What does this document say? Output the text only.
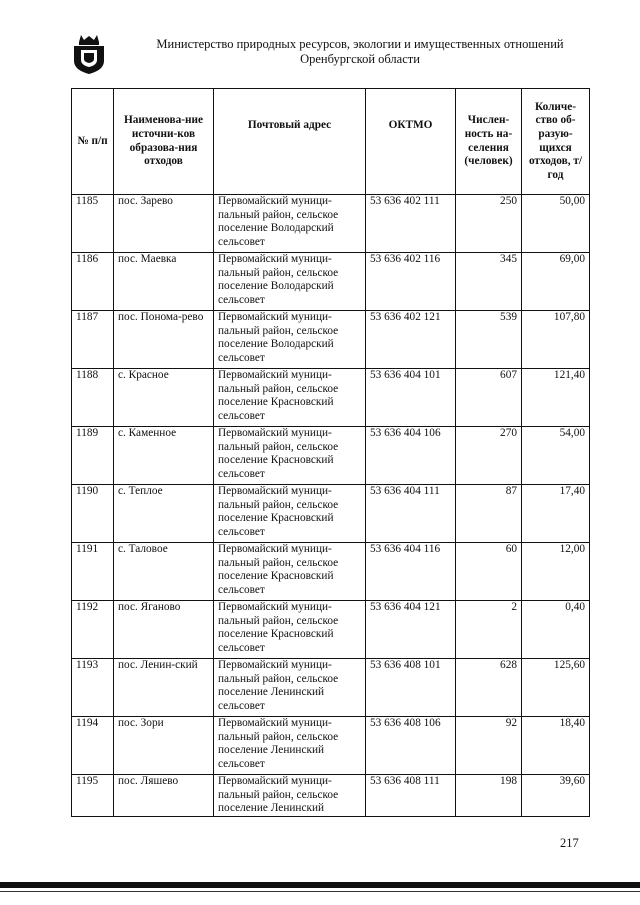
Министерство природных ресурсов, экологии и имущественных отношений
Оренбургской области
№ п/п	Наименова-ние источни-ков образова-ния отходов	Почтовый адрес	ОКТМО	Числен-ность на-селения (человек)	Количе-ство об-разую-щихся отходов, т/год
1185	пос. Зарево	Первомайский муници-
пальный район, сельское
поселение Володарский
сельсовет	53 636 402 111	250	50,00
1186	пос. Маевка	Первомайский муници-
пальный район, сельское
поселение Володарский
сельсовет	53 636 402 116	345	69,00
1187	пос. Понома-рево	Первомайский муници-
пальный район, сельское
поселение Володарский
сельсовет	53 636 402 121	539	107,80
1188	с. Красное	Первомайский муници-
пальный район, сельское
поселение Красновский
сельсовет	53 636 404 101	607	121,40
1189	с. Каменное	Первомайский муници-
пальный район, сельское
поселение Красновский
сельсовет	53 636 404 106	270	54,00
1190	с. Теплое	Первомайский муници-
пальный район, сельское
поселение Красновский
сельсовет	53 636 404 111	87	17,40
1191	с. Таловое	Первомайский муници-
пальный район, сельское
поселение Красновский
сельсовет	53 636 404 116	60	12,00
1192	пос. Яганово	Первомайский муници-
пальный район, сельское
поселение Красновский
сельсовет	53 636 404 121	2	0,40
1193	пос. Ленин-ский	Первомайский муници-
пальный район, сельское
поселение Ленинский
сельсовет	53 636 408 101	628	125,60
1194	пос. Зори	Первомайский муници-
пальный район, сельское
поселение Ленинский
сельсовет	53 636 408 106	92	18,40
1195	пос. Ляшево	Первомайский муници-
пальный район, сельское
поселение Ленинский	53 636 408 111	198	39,60
217
